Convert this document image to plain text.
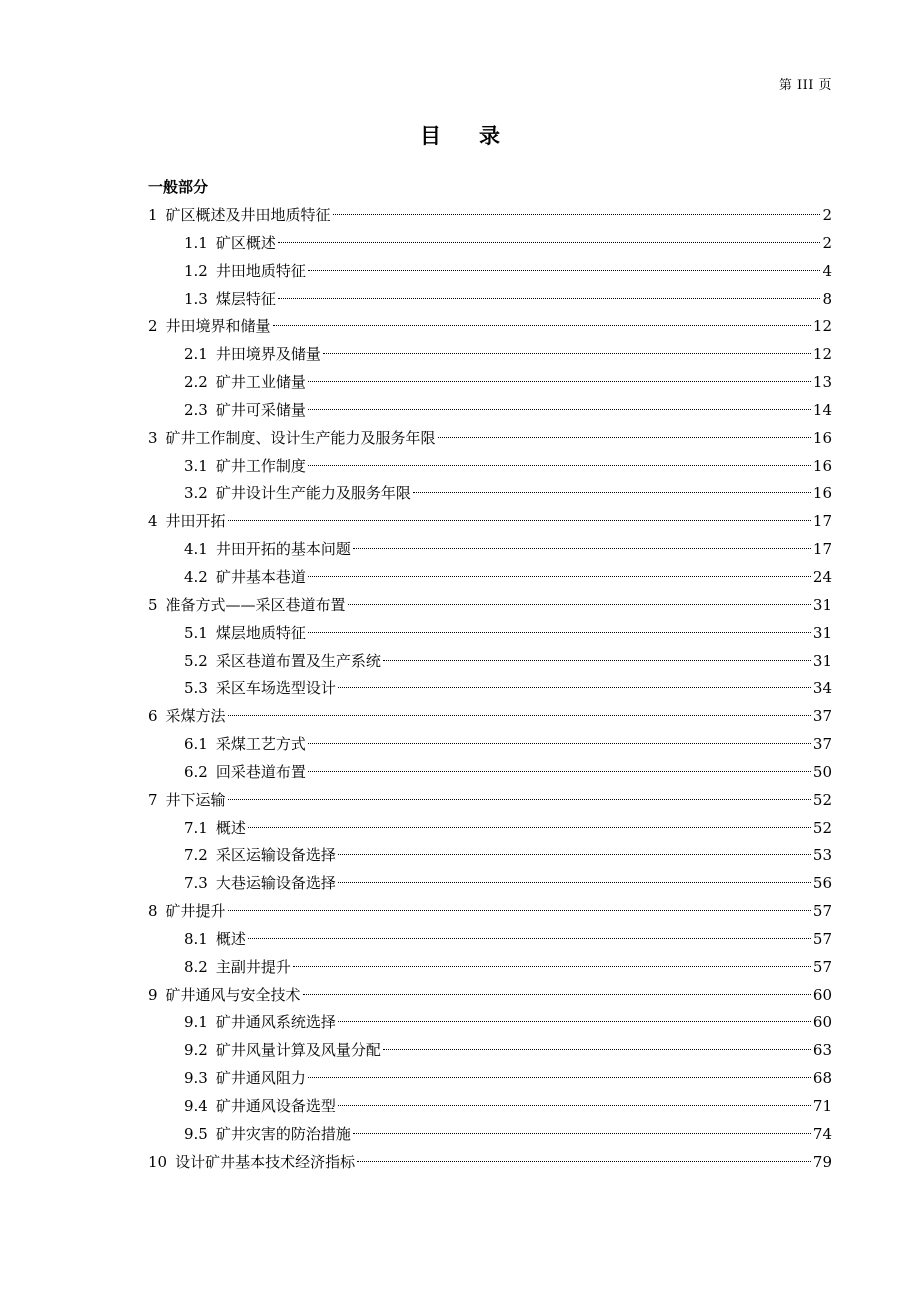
第 III 页
目录
一般部分
1 矿区概述及井田地质特征	2
1.1 矿区概述	2
1.2 井田地质特征	4
1.3 煤层特征	8
2 井田境界和储量	12
2.1 井田境界及储量	12
2.2 矿井工业储量	13
2.3 矿井可采储量	14
3 矿井工作制度、设计生产能力及服务年限	16
3.1 矿井工作制度	16
3.2 矿井设计生产能力及服务年限	16
4 井田开拓	17
4.1 井田开拓的基本问题	17
4.2 矿井基本巷道	24
5 准备方式——采区巷道布置	31
5.1 煤层地质特征	31
5.2 采区巷道布置及生产系统	31
5.3 采区车场选型设计	34
6 采煤方法	37
6.1 采煤工艺方式	37
6.2 回采巷道布置	50
7 井下运输	52
7.1 概述	52
7.2 采区运输设备选择	53
7.3 大巷运输设备选择	56
8 矿井提升	57
8.1 概述	57
8.2 主副井提升	57
9 矿井通风与安全技术	60
9.1 矿井通风系统选择	60
9.2 矿井风量计算及风量分配	63
9.3 矿井通风阻力	68
9.4 矿井通风设备选型	71
9.5 矿井灾害的防治措施	74
10 设计矿井基本技术经济指标	79
